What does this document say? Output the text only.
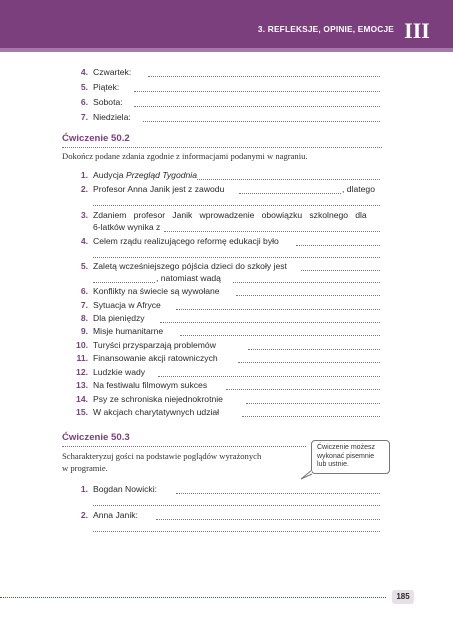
3. REFLEKSJE, OPINIE, EMOCJE III
4. Czwartek:
5. Piątek:
6. Sobota:
7. Niedziela:
Ćwiczenie 50.2
Dokończ podane zdania zgodnie z informacjami podanymi w nagraniu.
1. Audycja Przegląd Tygodnia
2. Profesor Anna Janik jest z zawodu	, dlatego
3. Zdaniem   profesor   Janik   wprowadzenie   obowiązku   szkolnego   dla
6-latków wynika z
4. Celem rządu realizującego reformę edukacji było
5. Zaletą wcześniejszego pójścia dzieci do szkoły jest
, natomiast wadą
6. Konflikty na świecie są wywołane
7. Sytuacja w Afryce
8. Dla pieniędzy
9. Misje humanitarne
10. Turyści przysparzają problemów
11. Finansowanie akcji ratowniczych
12. Ludzkie wady
13. Na festiwalu filmowym sukces
14. Psy ze schroniska niejednokrotnie
15. W akcjach charytatywnych udział
Ćwiczenie 50.3
Scharakteryzuj gości na podstawie poglądów wyrażonych
w programie.
Ćwiczenie możesz
wykonać pisemnie
lub ustnie.
1. Bogdan Nowicki:
2. Anna Janik:
185
